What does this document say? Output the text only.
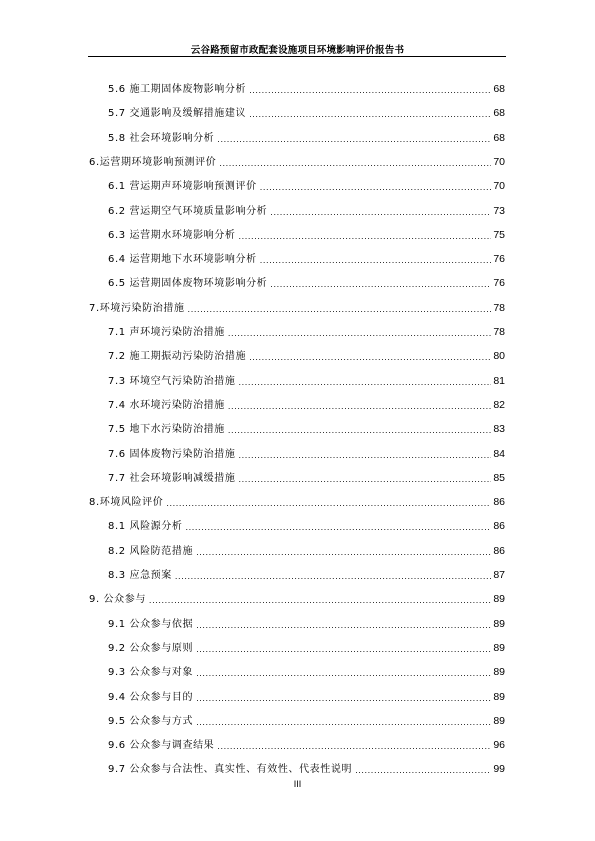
云谷路预留市政配套设施项目环境影响评价报告书
5.6 施工期固体废物影响分析 .....	68
5.7 交通影响及缓解措施建议 .....	68
5.8 社会环境影响分析 .....	68
6.运营期环境影响预测评价 .....	70
6.1 营运期声环境影响预测评价 .....	70
6.2 营运期空气环境质量影响分析 .....	73
6.3 运营期水环境影响分析 .....	75
6.4 运营期地下水环境影响分析 .....	76
6.5 运营期固体废物环境影响分析 .....	76
7.环境污染防治措施 .....	78
7.1 声环境污染防治措施 .....	78
7.2 施工期振动污染防治措施 .....	80
7.3 环境空气污染防治措施 .....	81
7.4 水环境污染防治措施 .....	82
7.5 地下水污染防治措施 .....	83
7.6 固体废物污染防治措施 .....	84
7.7 社会环境影响减缓措施 .....	85
8.环境风险评价 .....	86
8.1 风险源分析 .....	86
8.2 风险防范措施 .....	86
8.3 应急预案 .....	87
9. 公众参与 .....	89
9.1 公众参与依据 .....	89
9.2 公众参与原则 .....	89
9.3 公众参与对象 .....	89
9.4 公众参与目的 .....	89
9.5 公众参与方式 .....	89
9.6 公众参与调查结果 .....	96
9.7 公众参与合法性、真实性、有效性、代表性说明 .....	99
III
